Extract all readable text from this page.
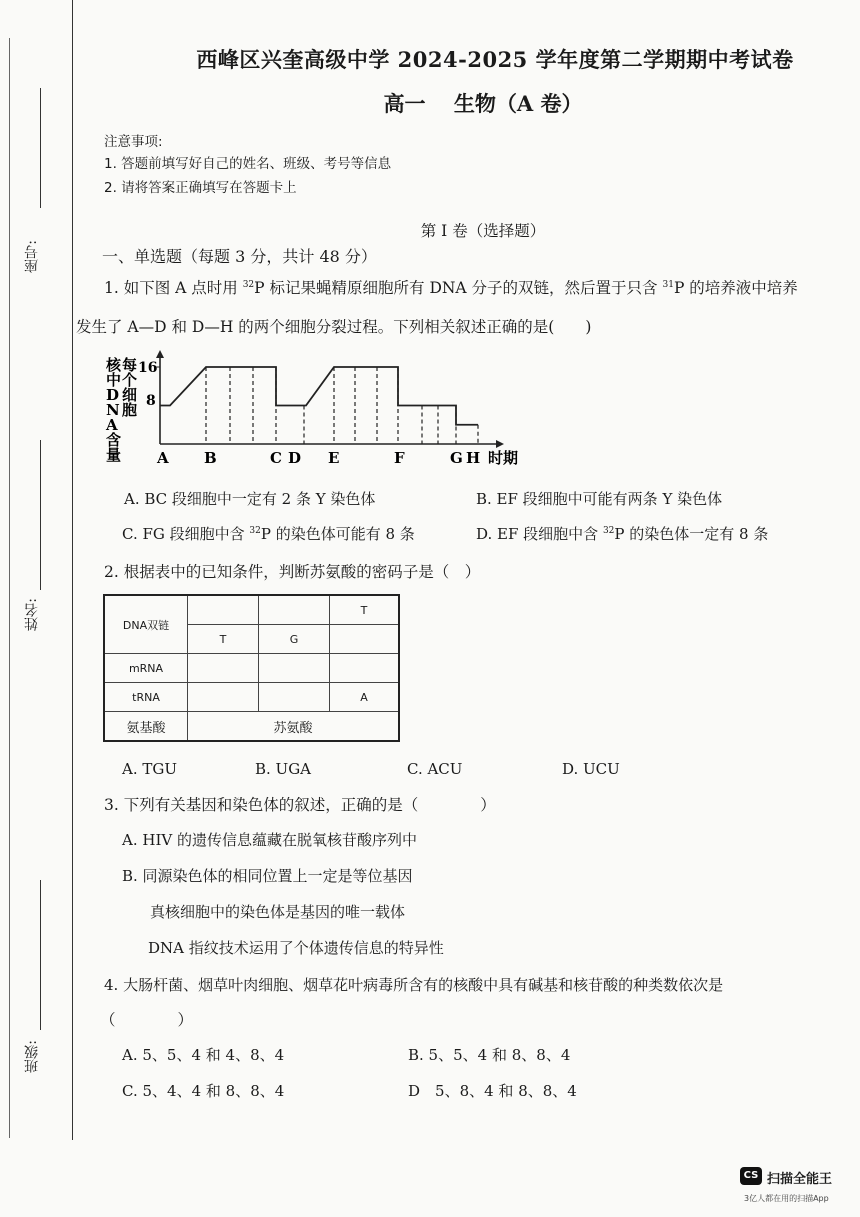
座号:
姓名:
班级:
西峰区兴奎高级中学 2024-2025 学年度第二学期期中考试卷
高一　 生物（A 卷）
注意事项:
1. 答题前填写好自己的姓名、班级、考号等信息
2. 请将答案正确填写在答题卡上
第 I 卷（选择题）
一、单选题（每题 3 分，共计 48 分）
1. 如下图 A 点时用 $^{32}$P 标记果蝇精原细胞所有 DNA 分子的双链，然后置于只含 $^{31}$P 的培养液中培养
发生了 A—D 和 D—H 的两个细胞分裂过程。下列相关叙述正确的是(　　)
每个细胞核中 D N A 含量
16
8
A B	C D E	F	G H 时期
A. BC 段细胞中一定有 2 条 Y 染色体	B. EF 段细胞中可能有两条 Y 染色体
C. FG 段细胞中含 $^{32}$P 的染色体可能有 8 条	D. EF 段细胞中含 $^{32}$P 的染色体一定有 8 条
2. 根据表中的已知条件，判断苏氨酸的密码子是（　）
DNA双链			T
	T	G	
mRNA			
tRNA			A
氨基酸	苏氨酸		
A. TGU	B. UGA	C. ACU	D. UCU
3. 下列有关基因和染色体的叙述，正确的是（　　　　）
A. HIV 的遗传信息蕴藏在脱氧核苷酸序列中
B. 同源染色体的相同位置上一定是等位基因
真核细胞中的染色体是基因的唯一载体
DNA 指纹技术运用了个体遗传信息的特异性
4. 大肠杆菌、烟草叶肉细胞、烟草花叶病毒所含有的核酸中具有碱基和核苷酸的种类数依次是
（　　　　）
A. 5、5、4 和 4、8、4	B. 5、5、4 和 8、8、4
C. 5、4、4 和 8、8、4	D　5、8、4 和 8、8、4
CS 扫描全能王
3亿人都在用的扫描App
